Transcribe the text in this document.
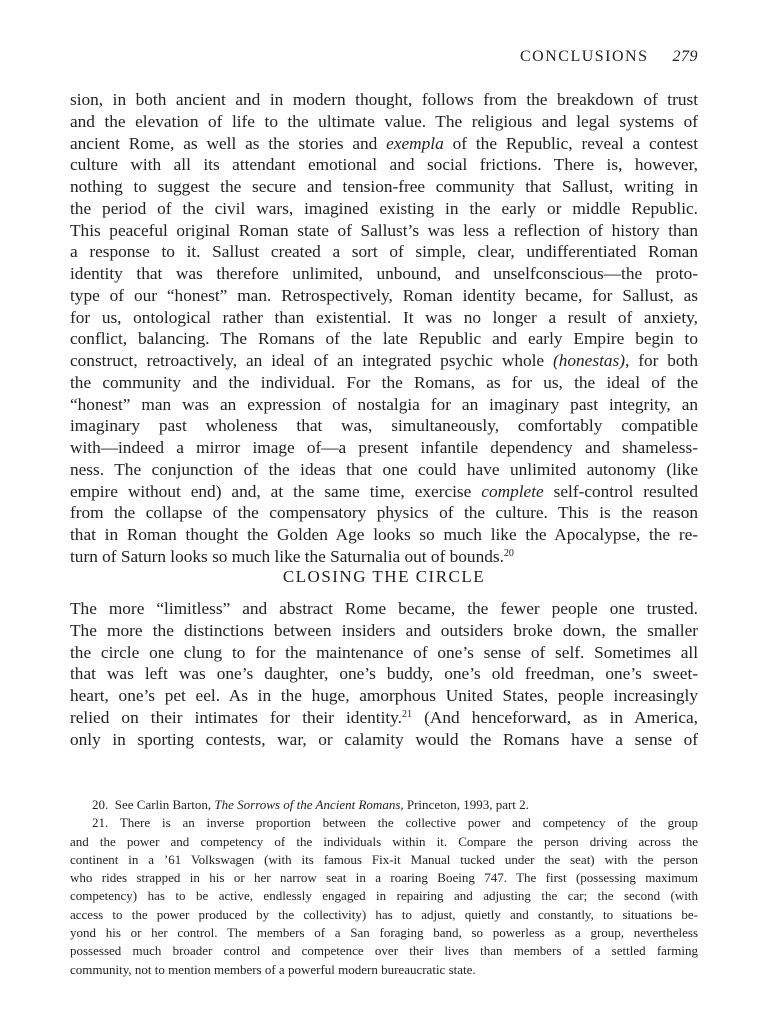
CONCLUSIONS 279
sion, in both ancient and in modern thought, follows from the breakdown of trust
and the elevation of life to the ultimate value. The religious and legal systems of
ancient Rome, as well as the stories and exempla of the Republic, reveal a contest
culture with all its attendant emotional and social frictions. There is, however,
nothing to suggest the secure and tension-free community that Sallust, writing in
the period of the civil wars, imagined existing in the early or middle Republic.
This peaceful original Roman state of Sallust’s was less a reflection of history than
a response to it. Sallust created a sort of simple, clear, undifferentiated Roman
identity that was therefore unlimited, unbound, and unselfconscious—the proto-
type of our “honest” man. Retrospectively, Roman identity became, for Sallust, as
for us, ontological rather than existential. It was no longer a result of anxiety,
conflict, balancing. The Romans of the late Republic and early Empire begin to
construct, retroactively, an ideal of an integrated psychic whole (honestas), for both
the community and the individual. For the Romans, as for us, the ideal of the
“honest” man was an expression of nostalgia for an imaginary past integrity, an
imaginary past wholeness that was, simultaneously, comfortably compatible
with—indeed a mirror image of—a present infantile dependency and shameless-
ness. The conjunction of the ideas that one could have unlimited autonomy (like
empire without end) and, at the same time, exercise complete self-control resulted
from the collapse of the compensatory physics of the culture. This is the reason
that in Roman thought the Golden Age looks so much like the Apocalypse, the re-
turn of Saturn looks so much like the Saturnalia out of bounds.$^{20}$
CLOSING THE CIRCLE
The more “limitless” and abstract Rome became, the fewer people one trusted.
The more the distinctions between insiders and outsiders broke down, the smaller
the circle one clung to for the maintenance of one’s sense of self. Sometimes all
that was left was one’s daughter, one’s buddy, one’s old freedman, one’s sweet-
heart, one’s pet eel. As in the huge, amorphous United States, people increasingly
relied on their intimates for their identity.$^{21}$ (And henceforward, as in America,
only in sporting contests, war, or calamity would the Romans have a sense of
20. See Carlin Barton, The Sorrows of the Ancient Romans, Princeton, 1993, part 2.
21. There is an inverse proportion between the collective power and competency of the group
and the power and competency of the individuals within it. Compare the person driving across the
continent in a ’61 Volkswagen (with its famous Fix-it Manual tucked under the seat) with the person
who rides strapped in his or her narrow seat in a roaring Boeing 747. The first (possessing maximum
competency) has to be active, endlessly engaged in repairing and adjusting the car; the second (with
access to the power produced by the collectivity) has to adjust, quietly and constantly, to situations be-
yond his or her control. The members of a San foraging band, so powerless as a group, nevertheless
possessed much broader control and competence over their lives than members of a settled farming
community, not to mention members of a powerful modern bureaucratic state.
